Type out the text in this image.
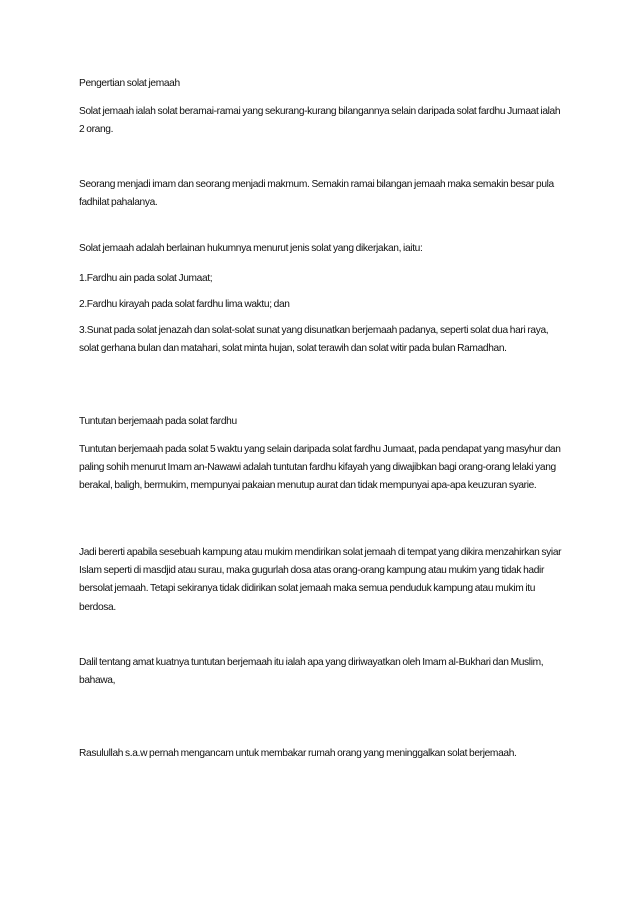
Pengertian solat jemaah

Solat jemaah ialah solat beramai-ramai yang sekurang-kurang bilangannya selain daripada solat fardhu Jumaat ialah 2 orang.

Seorang menjadi imam dan seorang menjadi makmum. Semakin ramai bilangan jemaah maka semakin besar pula fadhilat pahalanya.

Solat jemaah adalah berlainan hukumnya menurut jenis solat yang dikerjakan, iaitu:

1.Fardhu ain pada solat Jumaat;

2.Fardhu kirayah pada solat fardhu lima waktu; dan

3.Sunat pada solat jenazah dan solat-solat sunat yang disunatkan berjemaah padanya, seperti solat dua hari raya, solat gerhana bulan dan matahari, solat minta hujan, solat terawih dan solat witir pada bulan Ramadhan.

Tuntutan berjemaah pada solat fardhu

Tuntutan berjemaah pada solat 5 waktu yang selain daripada solat fardhu Jumaat, pada pendapat yang masyhur dan paling sohih menurut Imam an-Nawawi adalah tuntutan fardhu kifayah yang diwajibkan bagi orang-orang lelaki yang berakal, baligh, bermukim, mempunyai pakaian menutup aurat dan tidak mempunyai apa-apa keuzuran syarie.

Jadi bererti apabila sesebuah kampung atau mukim mendirikan solat jemaah di tempat yang dikira menzahirkan syiar Islam seperti di masdjid atau surau, maka gugurlah dosa atas orang-orang kampung atau mukim yang tidak hadir bersolat jemaah. Tetapi sekiranya tidak didirikan solat jemaah maka semua penduduk kampung atau mukim itu berdosa.

Dalil tentang amat kuatnya tuntutan berjemaah itu ialah apa yang diriwayatkan oleh Imam al-Bukhari dan Muslim, bahawa,

Rasulullah s.a.w pernah mengancam untuk membakar rumah orang yang meninggalkan solat berjemaah.
